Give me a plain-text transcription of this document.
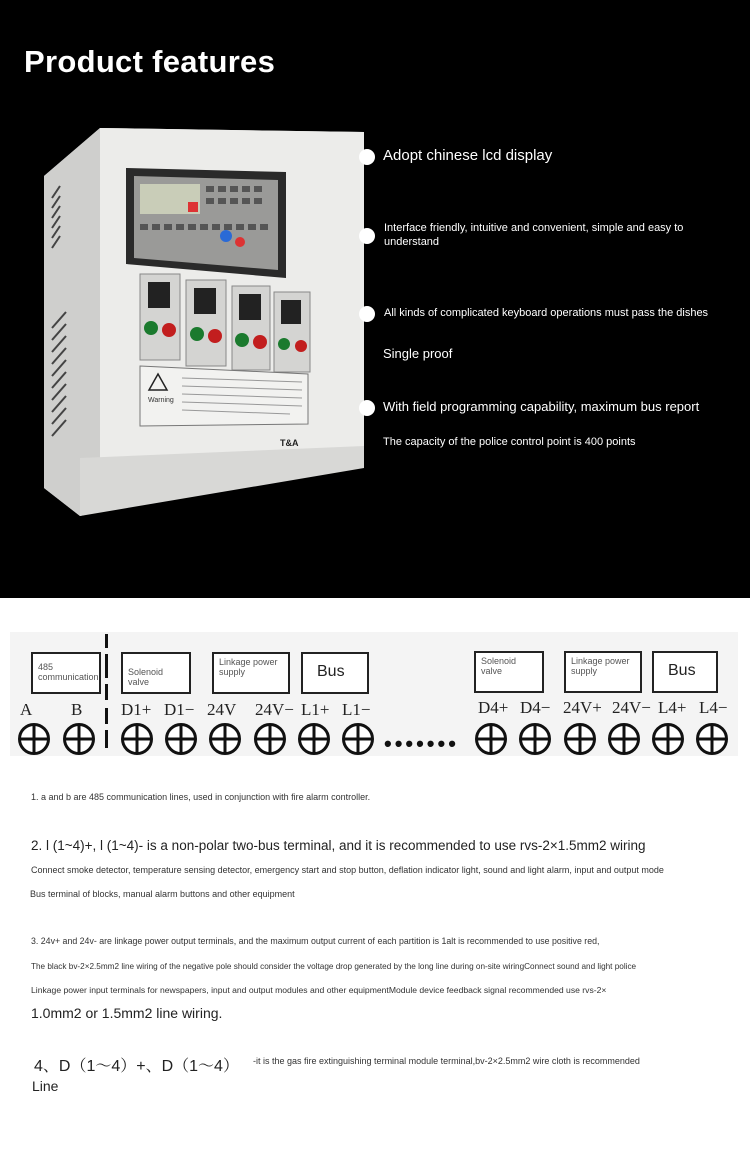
Product features
Warning
T&A
Adopt chinese lcd display
Interface friendly, intuitive and convenient, simple and easy to understand
All kinds of complicated keyboard operations must pass the dishes
Single proof
With field programming capability, maximum bus report
The capacity of the police control point is 400 points
485 communication	Solenoid valve
Linkage power supply	Bus
Solenoid valve
Linkage power supply	Bus
A B D1+ D1− 24V 24V− L1+ L1−	D4+ D4− 24V+ 24V− L4+ L4−
•••••••

1. a and b are 485 communication lines, used in conjunction with fire alarm controller.

2. l (1~4)+, l (1~4)- is a non-polar two-bus terminal, and it is recommended to use rvs-2×1.5mm2 wiring

Connect smoke detector, temperature sensing detector, emergency start and stop button, deflation indicator light, sound and light alarm, input and output mode

Bus terminal of blocks, manual alarm buttons and other equipment

3. 24v+ and 24v- are linkage power output terminals, and the maximum output current of each partition is 1alt is recommended to use positive red,

The black bv-2×2.5mm2 line wiring of the negative pole should consider the voltage drop generated by the long line during on-site wiringConnect sound and light police

Linkage power input terminals for newspapers, input and output modules and other equipmentModule device feedback signal recommended use rvs-2×

1.0mm2 or 1.5mm2 line wiring.

4、D（1～4）+、D（1～4） -it is the gas fire extinguishing terminal module terminal,bv-2×2.5mm2 wire cloth is recommended

Line
